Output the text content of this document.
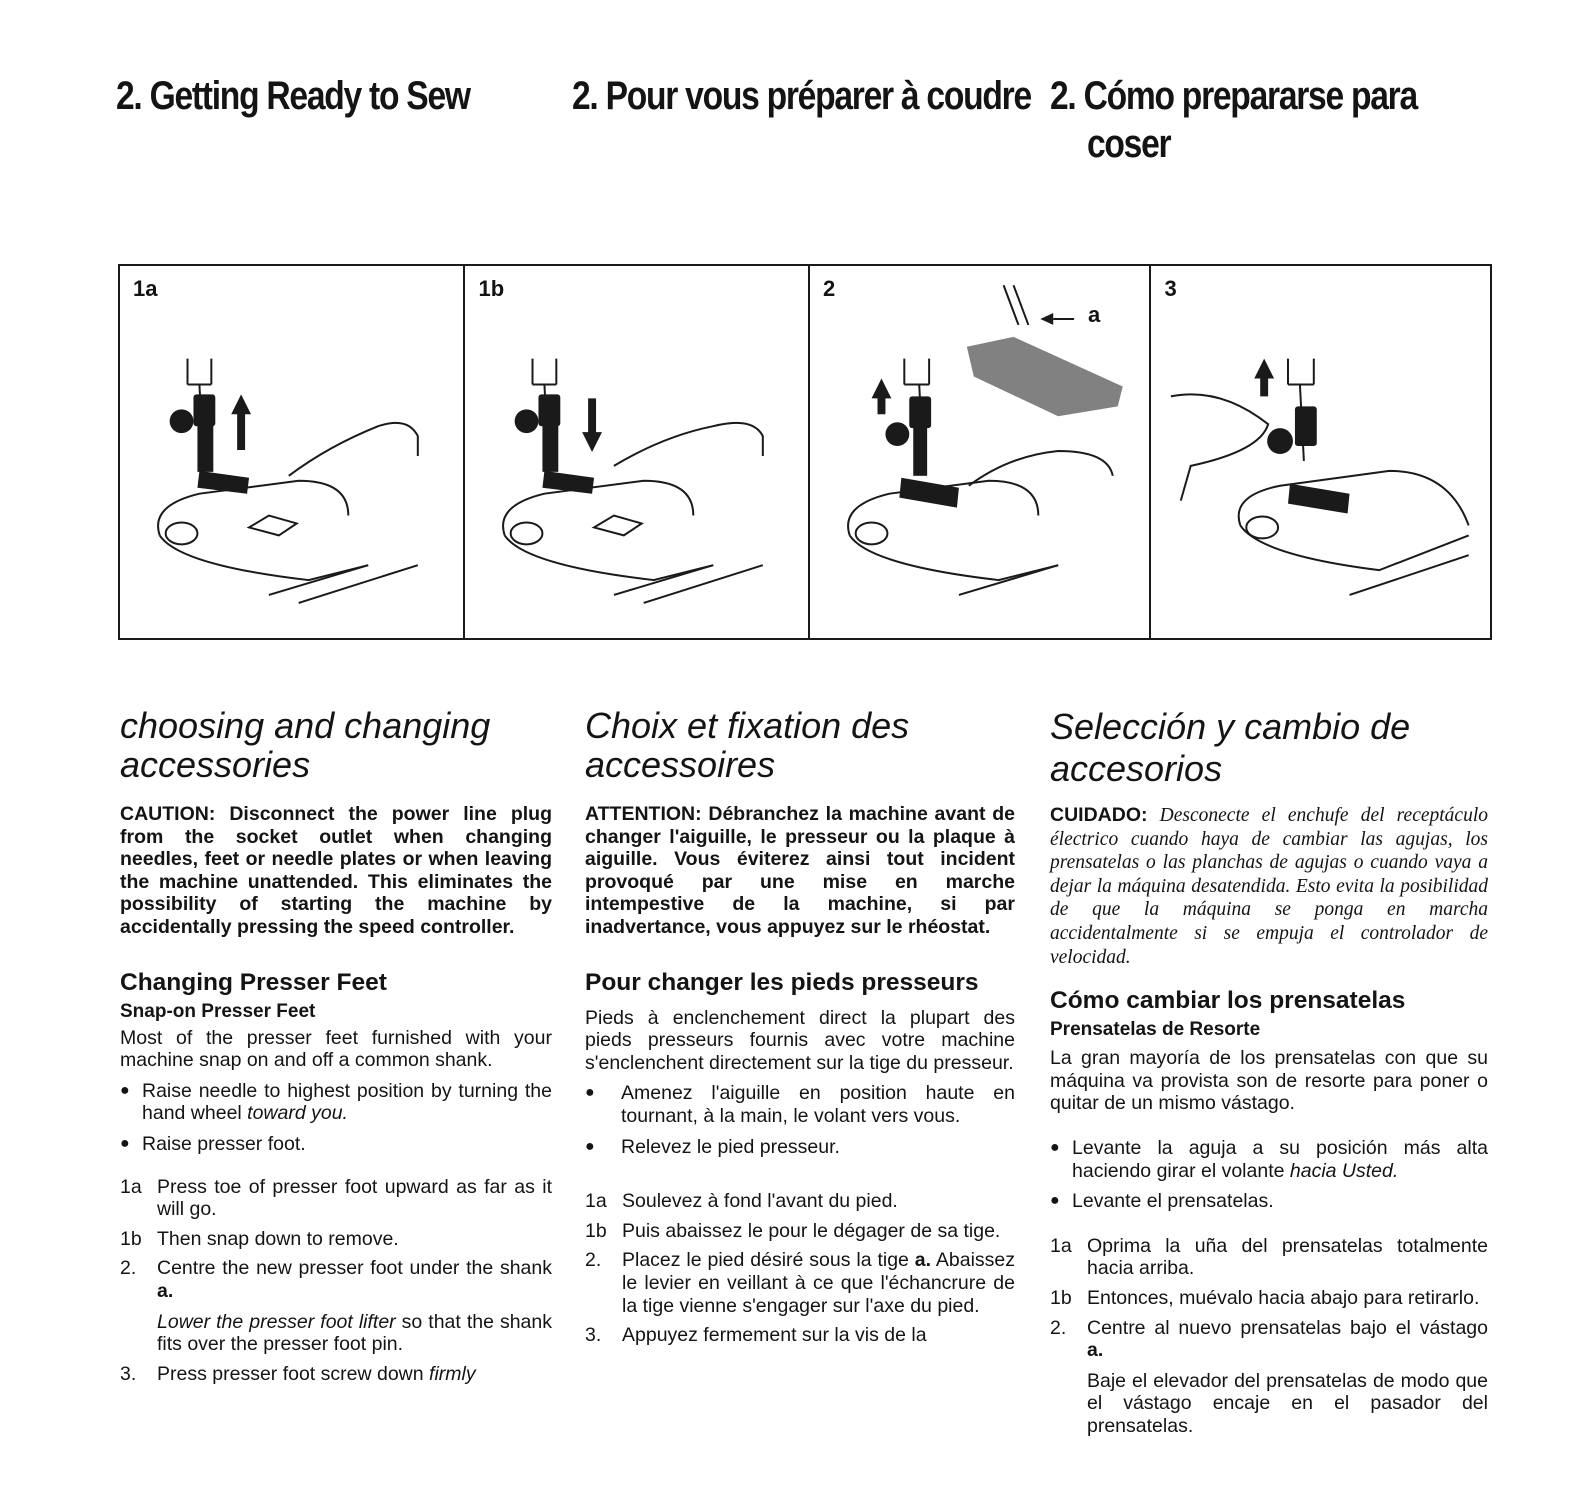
2. Getting Ready to Sew	2. Pour vous préparer à coudre 2. Cómo prepararse para coser
1a	1b	2
a
3
choosing and changing accessories

CAUTION: Disconnect the power line plug from the socket outlet when changing needles, feet or needle plates or when leaving the machine unattended. This eliminates the possibility of starting the machine by accidentally pressing the speed controller.

Changing Presser Feet
Snap-on Presser Feet

Most of the presser feet furnished with your machine snap on and off a common shank.

● Raise needle to highest position by turning the hand wheel toward you.
● Raise presser foot.
1a Press toe of presser foot upward as far as it will go.
1b Then snap down to remove.
2. Centre the new presser foot under the shank a.
Lower the presser foot lifter so that the shank fits over the presser foot pin.
3. Press presser foot screw down firmly
Choix et fixation des accessoires

ATTENTION: Débranchez la machine avant de changer l'aiguille, le presseur ou la plaque à aiguille. Vous éviterez ainsi tout incident provoqué par une mise en marche intempestive de la machine, si par inadvertance, vous appuyez sur le rhéostat.

Pour changer les pieds presseurs

Pieds à enclenchement direct la plupart des pieds presseurs fournis avec votre machine s'enclenchent directement sur la tige du presseur.

● Amenez l'aiguille en position haute en tournant, à la main, le volant vers vous.
● Relevez le pied presseur.
1a Soulevez à fond l'avant du pied.
1b Puis abaissez le pour le dégager de sa tige.
2. Placez le pied désiré sous la tige a. Abaissez le levier en veillant à ce que l'échancrure de la tige vienne s'engager sur l'axe du pied.
3. Appuyez fermement sur la vis de la
Selección y cambio de accesorios

CUIDADO: Desconecte el enchufe del receptáculo électrico cuando haya de cambiar las agujas, los prensatelas o las planchas de agujas o cuando vaya a dejar la máquina desatendida. Esto evita la posibilidad de que la máquina se ponga en marcha accidentalmente si se empuja el controlador de velocidad.

Cómo cambiar los prensatelas
Prensatelas de Resorte

La gran mayoría de los prensatelas con que su máquina va provista son de resorte para poner o quitar de un mismo vástago.

● Levante la aguja a su posición más alta haciendo girar el volante hacia Usted.
● Levante el prensatelas.
1a Oprima la uña del prensatelas totalmente hacia arriba.
1b Entonces, muévalo hacia abajo para retirarlo.
2. Centre al nuevo prensatelas bajo el vástago a.
Baje el elevador del prensatelas de modo que el vástago encaje en el pasador del prensatelas.
